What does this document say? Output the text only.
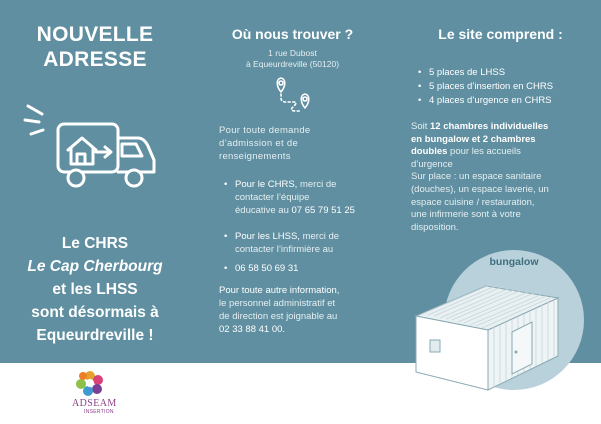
NOUVELLE
ADRESSE
Le CHRS
Le Cap Cherbourg
et les LHSS
sont désormais à
Equeurdreville !
Où nous trouver ?
1 rue Dubost
à Equeurdreville (50120)
Pour toute demande
d’admission et de
renseignements
• Pour le CHRS, merci de
contacter l’équipe
éducative au 07 65 79 51 25
• Pour les LHSS, merci de
contacter l’infirmière au
• 06 58 50 69 31
Pour toute autre information,
le personnel administratif et
de direction est joignable au
02 33 88 41 00.
Le site comprend :
• 5 places de LHSS
• 5 places d’insertion en CHRS
• 4 places d’urgence en CHRS
Soit 12 chambres individuelles
en bungalow et 2 chambres
doubles pour les accueils
d’urgence
Sur place : un espace sanitaire
(douches), un espace laverie, un
espace cuisine / restauration,
une infirmerie sont à votre
disposition.
bungalow
ADSEAM
INSERTION
